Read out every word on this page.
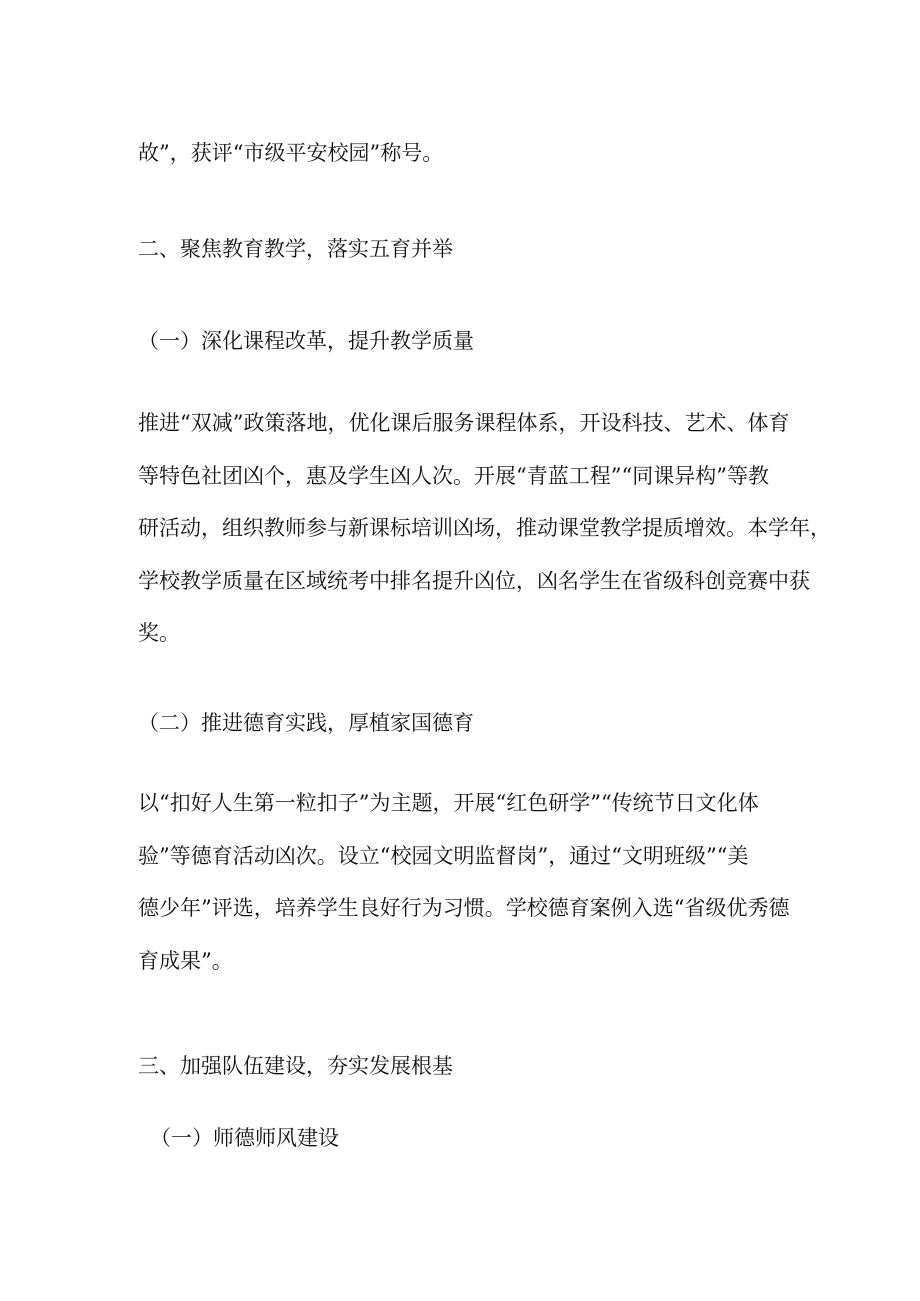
故”，获评“市级平安校园”称号。
二、聚焦教育教学，落实五育并举
（一）深化课程改革，提升教学质量
推进“双减”政策落地，优化课后服务课程体系，开设科技、艺术、体育
等特色社团凶个，惠及学生凶人次。开展“青蓝工程”“同课异构”等教
研活动，组织教师参与新课标培训凶场，推动课堂教学提质增效。本学年，
学校教学质量在区域统考中排名提升凶位，凶名学生在省级科创竞赛中获
奖。
（二）推进德育实践，厚植家国德育
以“扣好人生第一粒扣子”为主题，开展“红色研学”“传统节日文化体
验”等德育活动凶次。设立“校园文明监督岗”，通过“文明班级”“美
德少年”评选，培养学生良好行为习惯。学校德育案例入选“省级优秀德
育成果”。
三、加强队伍建设，夯实发展根基
（一）师德师风建设
